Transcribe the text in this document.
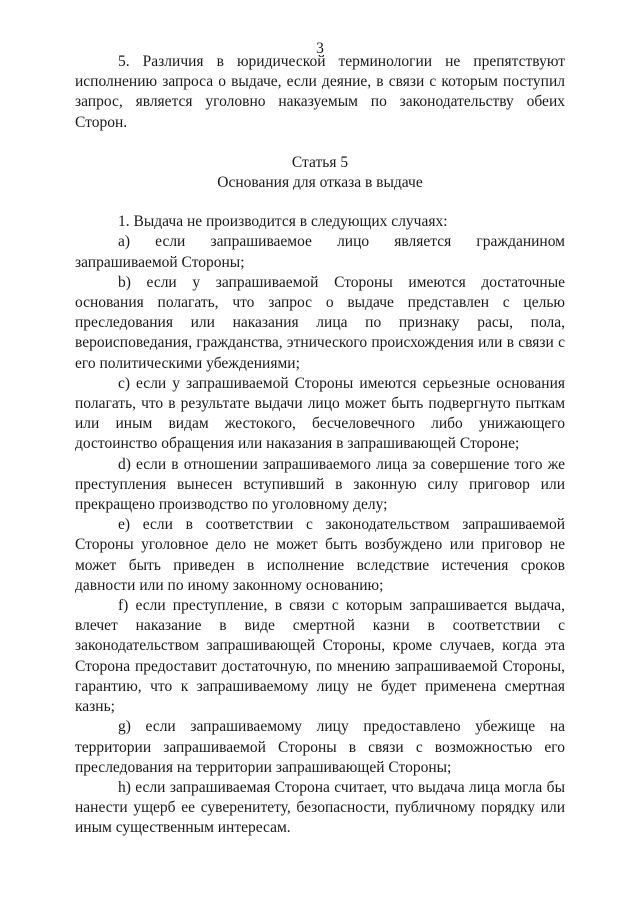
3

5. Различия в юридической терминологии не препятствуют исполнению запроса о выдаче, если деяние, в связи с которым поступил запрос, является уголовно наказуемым по законодательству обеих Сторон.

Статья 5

Основания для отказа в выдаче

1. Выдача не производится в следующих случаях:

a) если запрашиваемое лицо является гражданином запрашиваемой Стороны;

b) если у запрашиваемой Стороны имеются достаточные основания полагать, что запрос о выдаче представлен с целью преследования или наказания лица по признаку расы, пола, вероисповедания, гражданства, этнического происхождения или в связи с его политическими убеждениями;

c) если у запрашиваемой Стороны имеются серьезные основания полагать, что в результате выдачи лицо может быть подвергнуто пыткам или иным видам жестокого, бесчеловечного либо унижающего достоинство обращения или наказания в запрашивающей Стороне;

d) если в отношении запрашиваемого лица за совершение того же преступления вынесен вступивший в законную силу приговор или прекращено производство по уголовному делу;

e) если в соответствии с законодательством запрашиваемой Стороны уголовное дело не может быть возбуждено или приговор не может быть приведен в исполнение вследствие истечения сроков давности или по иному законному основанию;

f) если преступление, в связи с которым запрашивается выдача, влечет наказание в виде смертной казни в соответствии с законодательством запрашивающей Стороны, кроме случаев, когда эта Сторона предоставит достаточную, по мнению запрашиваемой Стороны, гарантию, что к запрашиваемому лицу не будет применена смертная казнь;

g) если запрашиваемому лицу предоставлено убежище на территории запрашиваемой Стороны в связи с возможностью его преследования на территории запрашивающей Стороны;

h) если запрашиваемая Сторона считает, что выдача лица могла бы нанести ущерб ее суверенитету, безопасности, публичному порядку или иным существенным интересам.
